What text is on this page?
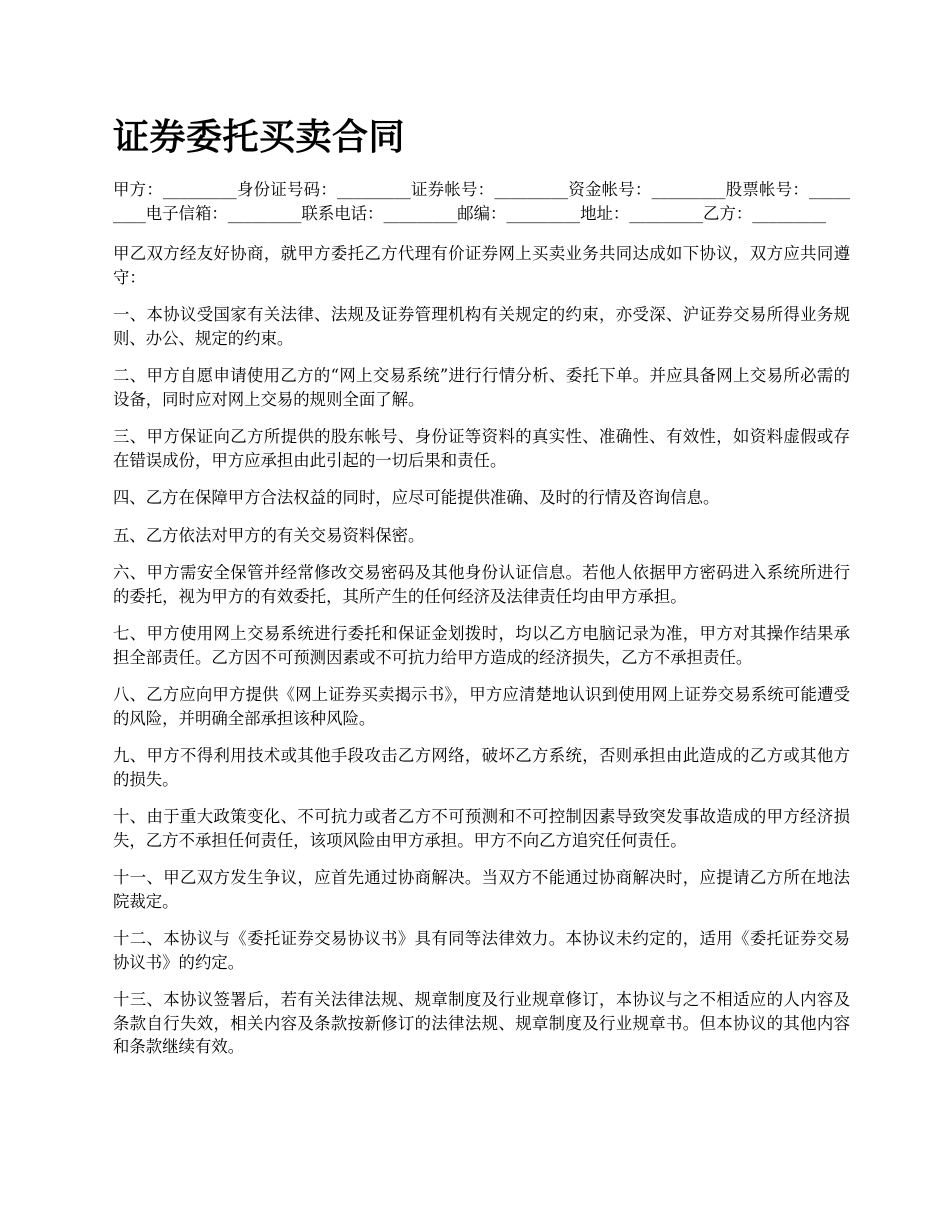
证券委托买卖合同

甲方：_________身份证号码：_________证券帐号：_________资金帐号：_________股票帐号：_________电子信箱：_________联系电话：_________邮编：_________地址：_________乙方：_________

甲乙双方经友好协商，就甲方委托乙方代理有价证券网上买卖业务共同达成如下协议，双方应共同遵守：

一、本协议受国家有关法律、法规及证券管理机构有关规定的约束，亦受深、沪证券交易所得业务规则、办公、规定的约束。

二、甲方自愿申请使用乙方的“网上交易系统”进行行情分析、委托下单。并应具备网上交易所必需的设备，同时应对网上交易的规则全面了解。

三、甲方保证向乙方所提供的股东帐号、身份证等资料的真实性、准确性、有效性，如资料虚假或存在错误成份，甲方应承担由此引起的一切后果和责任。

四、乙方在保障甲方合法权益的同时，应尽可能提供准确、及时的行情及咨询信息。

五、乙方依法对甲方的有关交易资料保密。

六、甲方需安全保管并经常修改交易密码及其他身份认证信息。若他人依据甲方密码进入系统所进行的委托，视为甲方的有效委托，其所产生的任何经济及法律责任均由甲方承担。

七、甲方使用网上交易系统进行委托和保证金划拨时，均以乙方电脑记录为准，甲方对其操作结果承担全部责任。乙方因不可预测因素或不可抗力给甲方造成的经济损失，乙方不承担责任。

八、乙方应向甲方提供《网上证券买卖揭示书》，甲方应清楚地认识到使用网上证券交易系统可能遭受的风险，并明确全部承担该种风险。

九、甲方不得利用技术或其他手段攻击乙方网络，破坏乙方系统，否则承担由此造成的乙方或其他方的损失。

十、由于重大政策变化、不可抗力或者乙方不可预测和不可控制因素导致突发事故造成的甲方经济损失，乙方不承担任何责任，该项风险由甲方承担。甲方不向乙方追究任何责任。

十一、甲乙双方发生争议，应首先通过协商解决。当双方不能通过协商解决时，应提请乙方所在地法院裁定。

十二、本协议与《委托证券交易协议书》具有同等法律效力。本协议未约定的，适用《委托证券交易协议书》的约定。

十三、本协议签署后，若有关法律法规、规章制度及行业规章修订，本协议与之不相适应的人内容及条款自行失效，相关内容及条款按新修订的法律法规、规章制度及行业规章书。但本协议的其他内容和条款继续有效。
